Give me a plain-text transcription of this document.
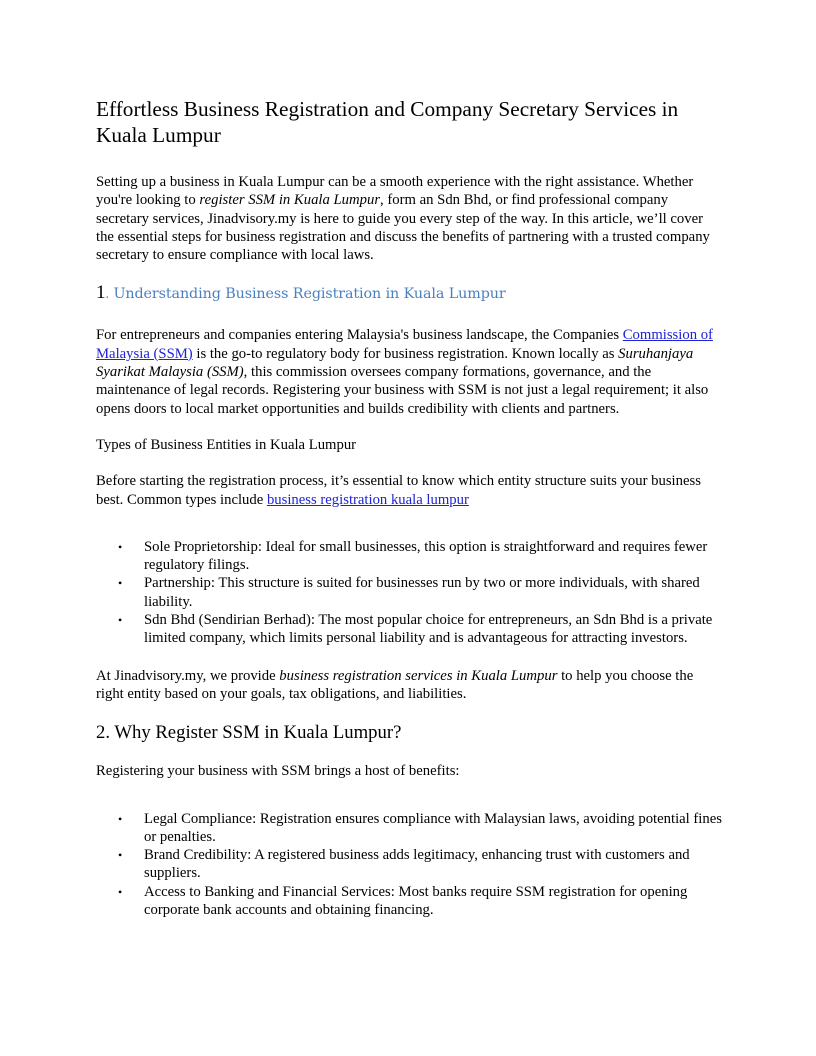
Effortless Business Registration and Company Secretary Services in Kuala Lumpur

Setting up a business in Kuala Lumpur can be a smooth experience with the right assistance. Whether you're looking to register SSM in Kuala Lumpur, form an Sdn Bhd, or find professional company secretary services, Jinadvisory.my is here to guide you every step of the way. In this article, we’ll cover the essential steps for business registration and discuss the benefits of partnering with a trusted company secretary to ensure compliance with local laws.

1. Understanding Business Registration in Kuala Lumpur

For entrepreneurs and companies entering Malaysia's business landscape, the Companies Commission of Malaysia (SSM) is the go-to regulatory body for business registration. Known locally as Suruhanjaya Syarikat Malaysia (SSM), this commission oversees company formations, governance, and the maintenance of legal records. Registering your business with SSM is not just a legal requirement; it also opens doors to local market opportunities and builds credibility with clients and partners.

Types of Business Entities in Kuala Lumpur

Before starting the registration process, it’s essential to know which entity structure suits your business best. Common types include business registration kuala lumpur

• Sole Proprietorship: Ideal for small businesses, this option is straightforward and requires fewer regulatory filings.
• Partnership: This structure is suited for businesses run by two or more individuals, with shared liability.
• Sdn Bhd (Sendirian Berhad): The most popular choice for entrepreneurs, an Sdn Bhd is a private limited company, which limits personal liability and is advantageous for attracting investors.

At Jinadvisory.my, we provide business registration services in Kuala Lumpur to help you choose the right entity based on your goals, tax obligations, and liabilities.

2. Why Register SSM in Kuala Lumpur?

Registering your business with SSM brings a host of benefits:

• Legal Compliance: Registration ensures compliance with Malaysian laws, avoiding potential fines or penalties.
• Brand Credibility: A registered business adds legitimacy, enhancing trust with customers and suppliers.
• Access to Banking and Financial Services: Most banks require SSM registration for opening corporate bank accounts and obtaining financing.
